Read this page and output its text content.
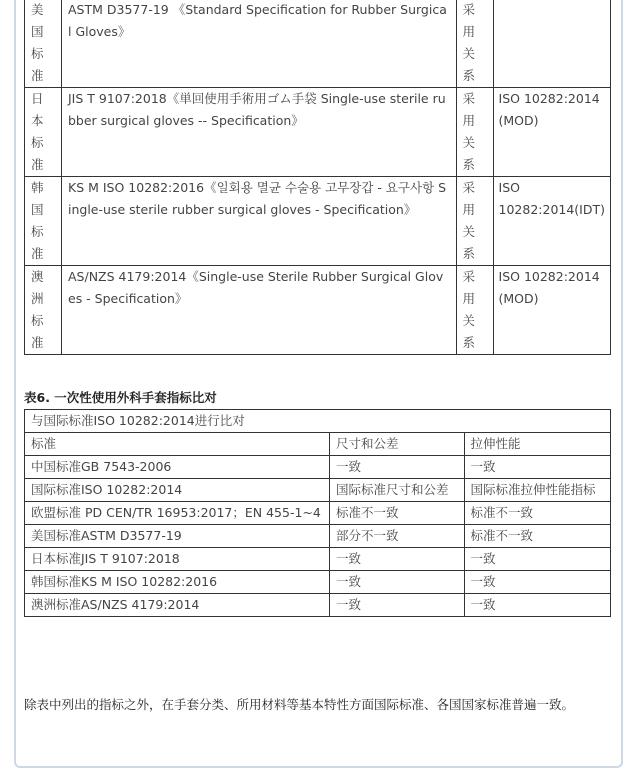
美国标准	ASTM D3577-19 《Standard Specification for Rubber Surgical Gloves》	采用关系	

日本标准	JIS T 9107:2018《単回使用手術用ゴム手袋 Single-use sterile rubber surgical gloves -- Specification》	采用关系	ISO 10282:2014 (MOD)

韩国标准	KS M ISO 10282:2016《일회용 멸균 수술용 고무장갑 - 요구사항 Single-use sterile rubber surgical gloves - Specification》	采用关系	ISO 10282:2014(IDT)

澳洲标准	AS/NZS 4179:2014《Single-use Sterile Rubber Surgical Gloves - Specification》	采用关系	ISO 10282:2014 (MOD)
表6. 一次性使用外科手套指标比对
与国际标准ISO 10282:2014进行比对		
标准	尺寸和公差	拉伸性能
中国标准GB 7543-2006	一致	一致
国际标准ISO 10282:2014	国际标准尺寸和公差	国际标准拉伸性能指标
欧盟标准 PD CEN/TR 16953:2017；EN 455-1~4	标准不一致	标准不一致
美国标准ASTM D3577-19	部分不一致	标准不一致
日本标准JIS T 9107:2018	一致	一致
韩国标准KS M ISO 10282:2016	一致	一致
澳洲标准AS/NZS 4179:2014	一致	一致
除表中列出的指标之外，在手套分类、所用材料等基本特性方面国际标准、各国国家标准普遍一致。
